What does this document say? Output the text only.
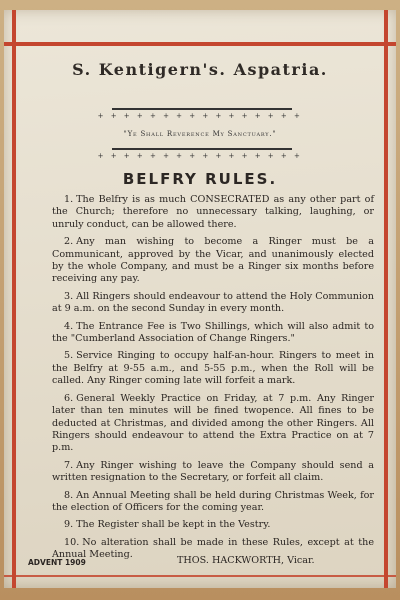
S. Kentigern's. Aspatria.
+ + + + + + + + + + + + + + + +
"Ye Shall Reverence My Sanctuary."
+ + + + + + + + + + + + + + + +
BELFRY RULES.

1. The Belfry is as much CONSECRATED as any other part of the Church; therefore no unnecessary talking, laughing, or unruly conduct, can be allowed there.

2. Any man wishing to become a Ringer must be a Communicant, approved by the Vicar, and unanimously elected by the whole Company, and must be a Ringer six months before receiving any pay.

3. All Ringers should endeavour to attend the Holy Communion at 9 a.m. on the second Sunday in every month.

4. The Entrance Fee is Two Shillings, which will also admit to the "Cumberland Association of Change Ringers."

5. Service Ringing to occupy half-an-hour. Ringers to meet in the Belfry at 9-55 a.m., and 5-55 p.m., when the Roll will be called. Any Ringer coming late will forfeit a mark.

6. General Weekly Practice on Friday, at 7 p.m. Any Ringer later than ten minutes will be fined twopence. All fines to be deducted at Christmas, and divided among the other Ringers. All Ringers should endeavour to attend the Extra Practice on at 7 p.m.

7. Any Ringer wishing to leave the Company should send a written resignation to the Secretary, or forfeit all claim.

8. An Annual Meeting shall be held during Christmas Week, for the election of Officers for the coming year.

9. The Register shall be kept in the Vestry.

10. No alteration shall be made in these Rules, except at the Annual Meeting.

ADVENT 1909	THOS. HACKWORTH, Vicar.
